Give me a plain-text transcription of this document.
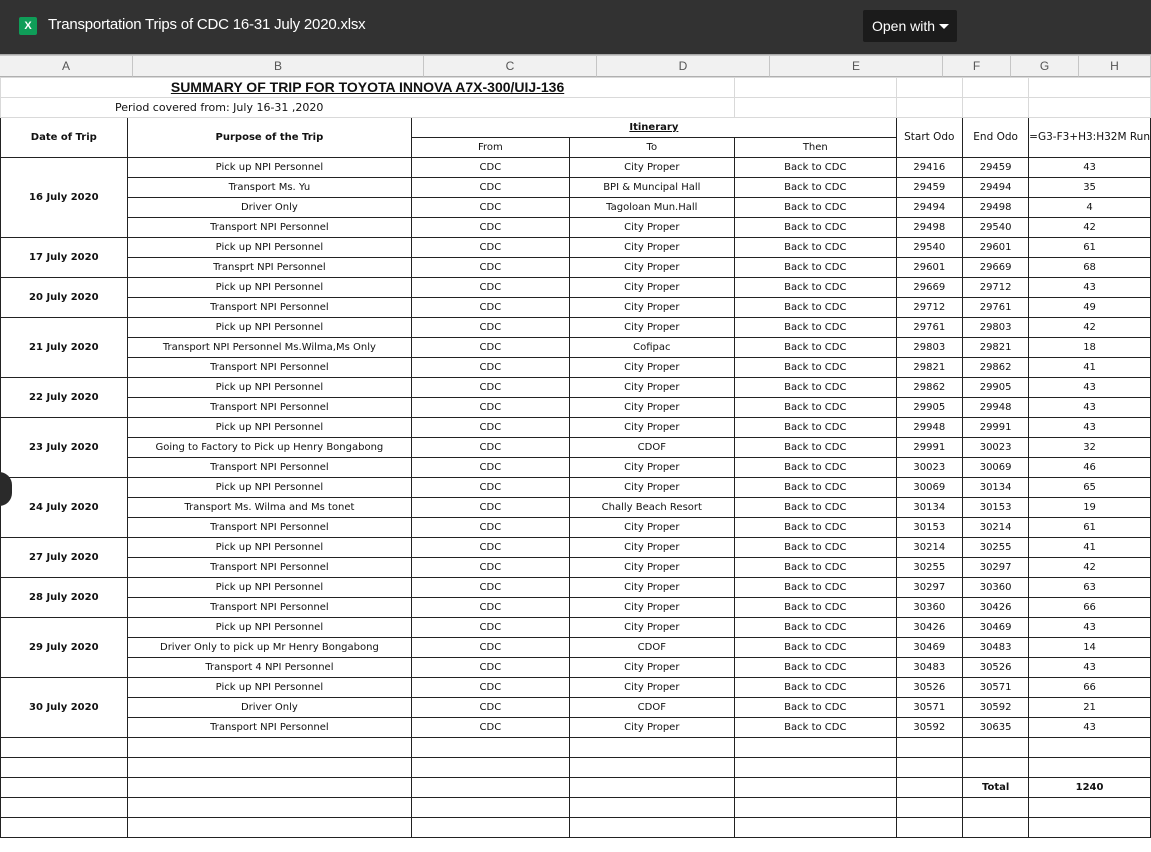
X	Transportation Trips of CDC 16-31 July 2020.xlsx	Open with
A	B	C	D	E	F	G	H
SUMMARY OF TRIP FOR TOYOTA INNOVA A7X-300/UIJ-136							
Period covered from: July 16-31 ,2020							
Date of Trip	Purpose of the Trip	Itinerary			Start Odo	End Odo	=G3-F3+H3:H32M Run
		From	To	Then			
16 July 2020	Pick up NPI Personnel	CDC	City Proper	Back to CDC	29416	29459	43
	Transport Ms. Yu	CDC	BPI & Muncipal Hall	Back to CDC	29459	29494	35
	Driver Only	CDC	Tagoloan Mun.Hall	Back to CDC	29494	29498	4
	Transport NPI Personnel	CDC	City Proper	Back to CDC	29498	29540	42
17 July 2020	Pick up NPI Personnel	CDC	City Proper	Back to CDC	29540	29601	61
	Transprt NPI Personnel	CDC	City Proper	Back to CDC	29601	29669	68
20 July 2020	Pick up NPI Personnel	CDC	City Proper	Back to CDC	29669	29712	43
	Transport NPI Personnel	CDC	City Proper	Back to CDC	29712	29761	49
21 July 2020	Pick up NPI Personnel	CDC	City Proper	Back to CDC	29761	29803	42
	Transport NPI Personnel Ms.Wilma,Ms Only	CDC	Cofipac	Back to CDC	29803	29821	18
	Transport NPI Personnel	CDC	City Proper	Back to CDC	29821	29862	41
22 July 2020	Pick up NPI Personnel	CDC	City Proper	Back to CDC	29862	29905	43
	Transport NPI Personnel	CDC	City Proper	Back to CDC	29905	29948	43
23 July 2020	Pick up NPI Personnel	CDC	City Proper	Back to CDC	29948	29991	43
	Going to Factory to Pick up Henry Bongabong	CDC	CDOF	Back to CDC	29991	30023	32
	Transport NPI Personnel	CDC	City Proper	Back to CDC	30023	30069	46
24 July 2020	Pick up NPI Personnel	CDC	City Proper	Back to CDC	30069	30134	65
	Transport Ms. Wilma and Ms tonet	CDC	Chally Beach Resort	Back to CDC	30134	30153	19
	Transport NPI Personnel	CDC	City Proper	Back to CDC	30153	30214	61
27 July 2020	Pick up NPI Personnel	CDC	City Proper	Back to CDC	30214	30255	41
	Transport NPI Personnel	CDC	City Proper	Back to CDC	30255	30297	42
28 July 2020	Pick up NPI Personnel	CDC	City Proper	Back to CDC	30297	30360	63
	Transport NPI Personnel	CDC	City Proper	Back to CDC	30360	30426	66
29 July 2020	Pick up NPI Personnel	CDC	City Proper	Back to CDC	30426	30469	43
	Driver Only to pick up Mr Henry Bongabong	CDC	CDOF	Back to CDC	30469	30483	14
	Transport 4 NPI Personnel	CDC	City Proper	Back to CDC	30483	30526	43
30 July 2020	Pick up NPI Personnel	CDC	City Proper	Back to CDC	30526	30571	66
	Driver Only	CDC	CDOF	Back to CDC	30571	30592	21
	Transport NPI Personnel	CDC	City Proper	Back to CDC	30592	30635	43

						Total	1240
